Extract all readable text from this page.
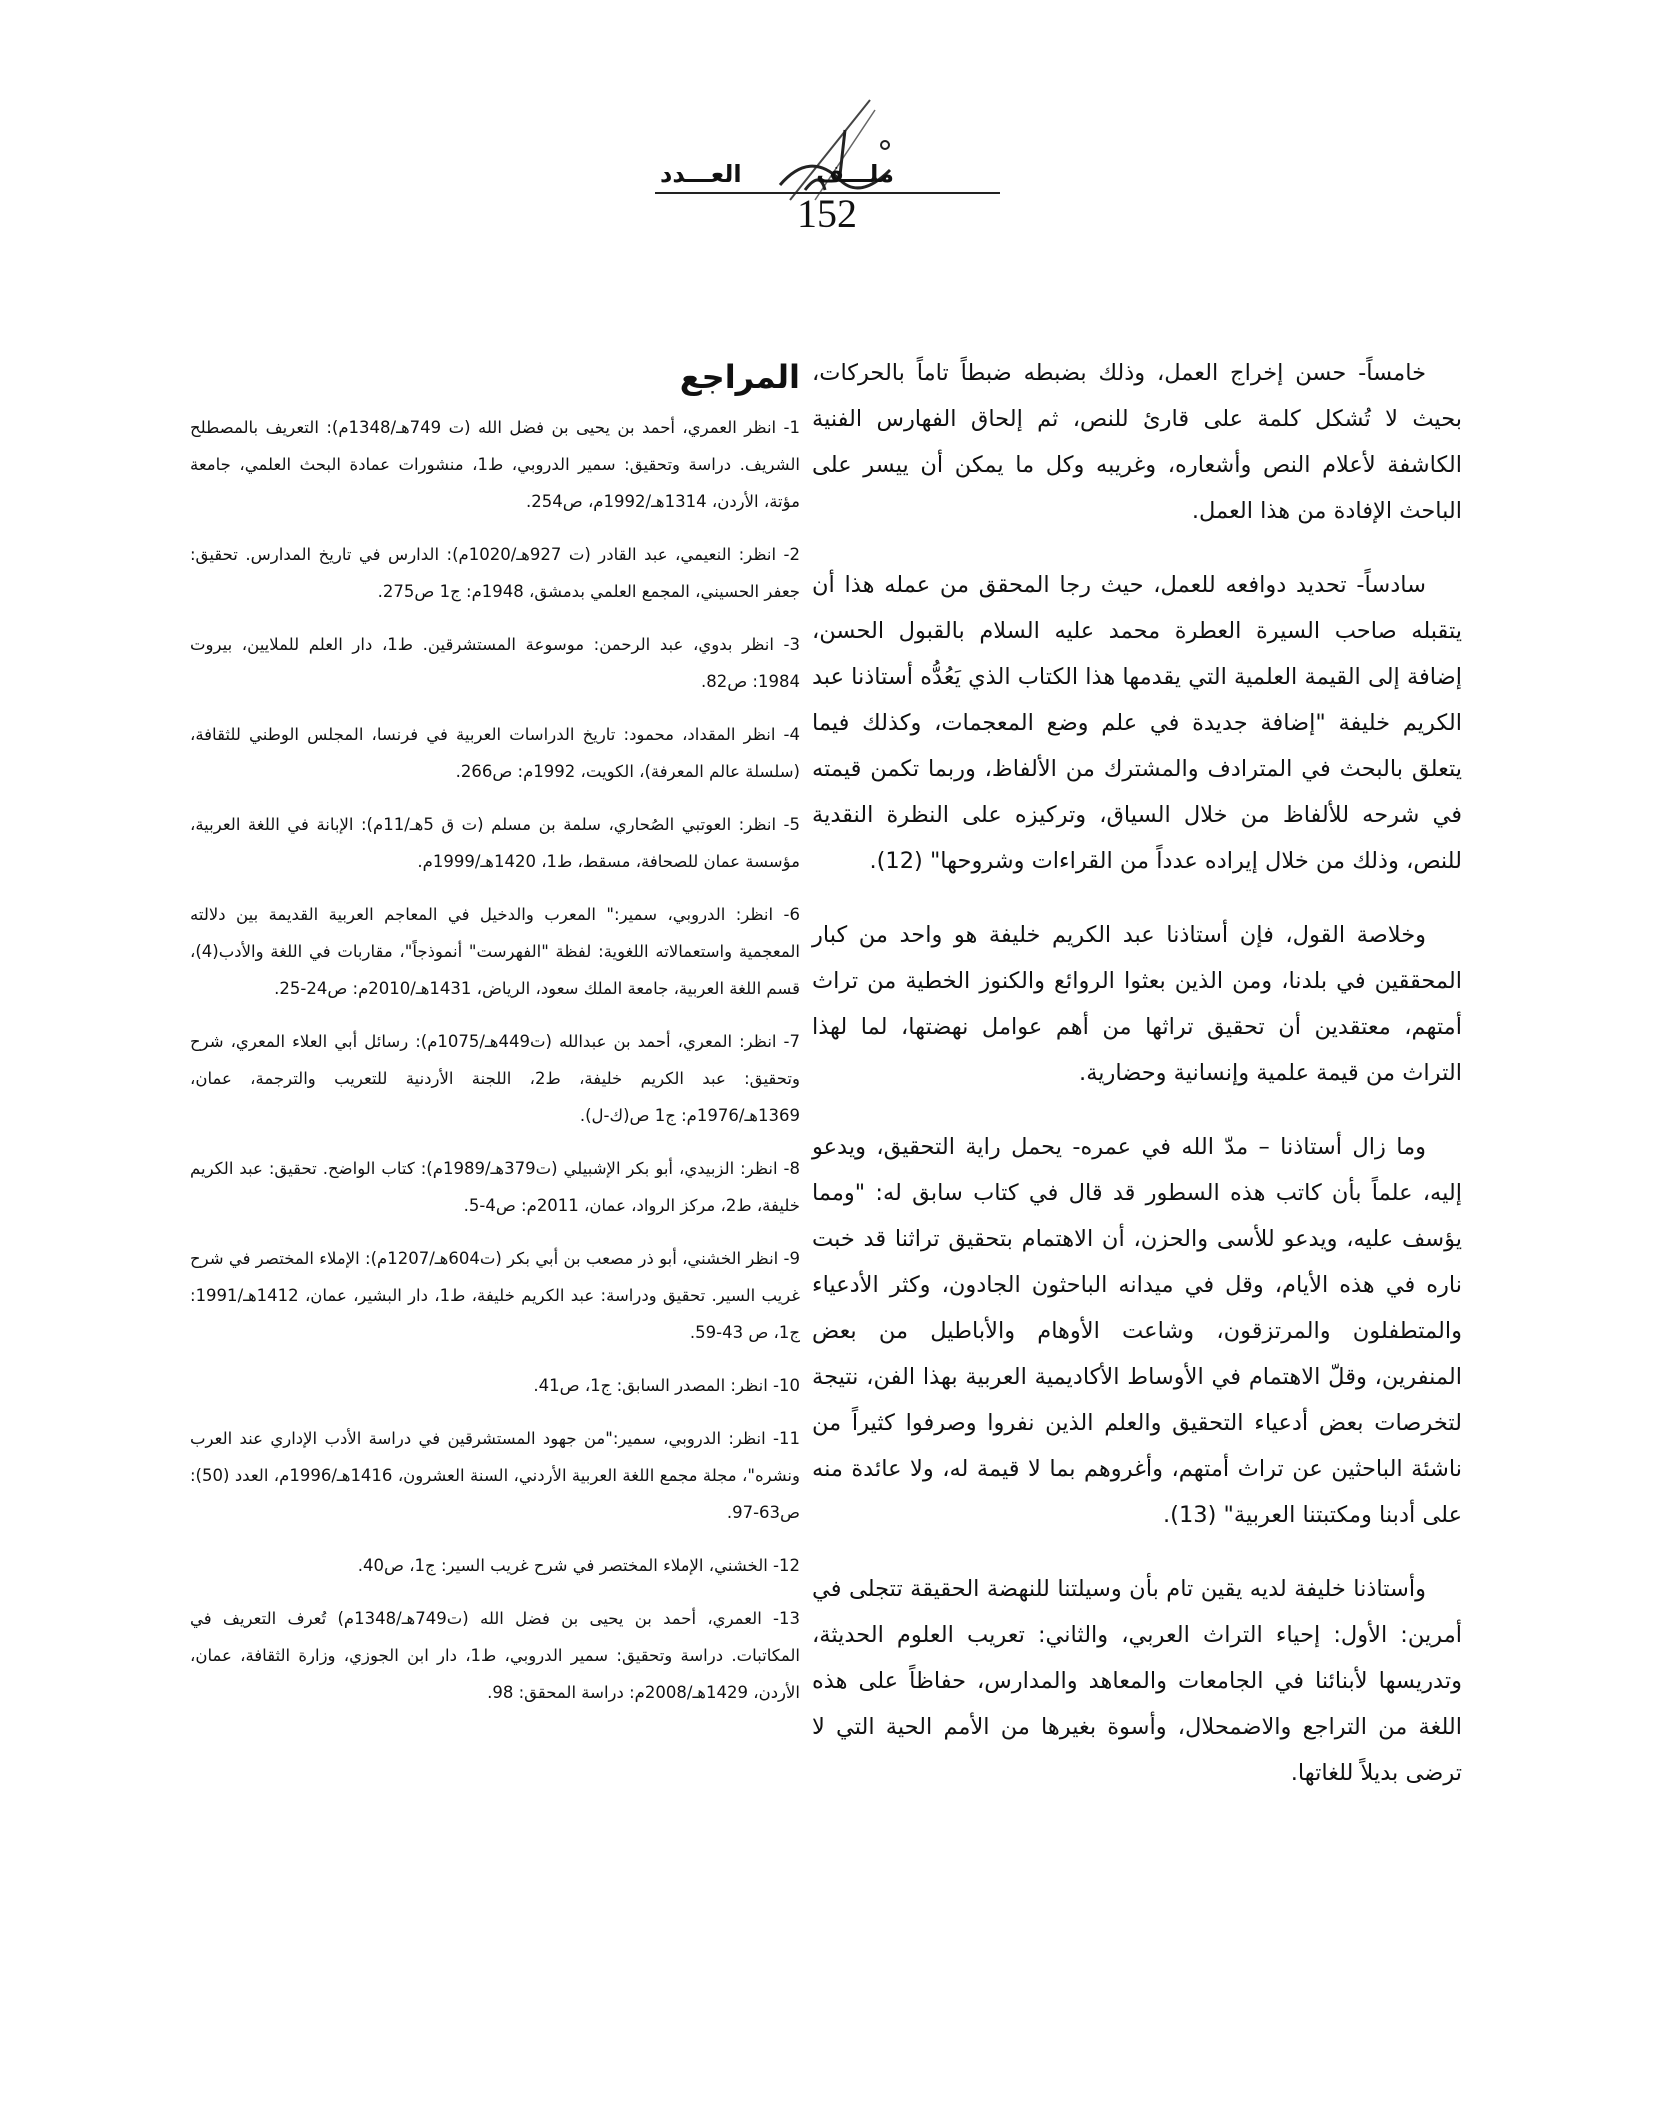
ملـــف
العـــدد
152

خامساً- حسن إخراج العمل، وذلك بضبطه ضبطاً تاماً بالحركات، بحيث لا تُشكل كلمة على قارئ للنص، ثم إلحاق الفهارس الفنية الكاشفة لأعلام النص وأشعاره، وغريبه وكل ما يمكن أن ييسر على الباحث الإفادة من هذا العمل.

سادساً- تحديد دوافعه للعمل، حيث رجا المحقق من عمله هذا أن يتقبله صاحب السيرة العطرة محمد عليه السلام بالقبول الحسن، إضافة إلى القيمة العلمية التي يقدمها هذا الكتاب الذي يَعُدُّه أستاذنا عبد الكريم خليفة "إضافة جديدة في علم وضع المعجمات، وكذلك فيما يتعلق بالبحث في المترادف والمشترك من الألفاظ، وربما تكمن قيمته في شرحه للألفاظ من خلال السياق، وتركيزه على النظرة النقدية للنص، وذلك من خلال إيراده عدداً من القراءات وشروحها" (12).

وخلاصة القول، فإن أستاذنا عبد الكريم خليفة هو واحد من كبار المحققين في بلدنا، ومن الذين بعثوا الروائع والكنوز الخطية من تراث أمتهم، معتقدين أن تحقيق تراثها من أهم عوامل نهضتها، لما لهذا التراث من قيمة علمية وإنسانية وحضارية.

وما زال أستاذنا – مدّ الله في عمره- يحمل راية التحقيق، ويدعو إليه، علماً بأن كاتب هذه السطور قد قال في كتاب سابق له: "ومما يؤسف عليه، ويدعو للأسى والحزن، أن الاهتمام بتحقيق تراثنا قد خبت ناره في هذه الأيام، وقل في ميدانه الباحثون الجادون، وكثر الأدعياء والمتطفلون والمرتزقون، وشاعت الأوهام والأباطيل من بعض المنفرين، وقلّ الاهتمام في الأوساط الأكاديمية العربية بهذا الفن، نتيجة لتخرصات بعض أدعياء التحقيق والعلم الذين نفروا وصرفوا كثيراً من ناشئة الباحثين عن تراث أمتهم، وأغروهم بما لا قيمة له، ولا عائدة منه على أدبنا ومكتبتنا العربية" (13).

وأستاذنا خليفة لديه يقين تام بأن وسيلتنا للنهضة الحقيقة تتجلى في أمرين: الأول: إحياء التراث العربي، والثاني: تعريب العلوم الحديثة، وتدريسها لأبنائنا في الجامعات والمعاهد والمدارس، حفاظاً على هذه اللغة من التراجع والاضمحلال، وأسوة بغيرها من الأمم الحية التي لا ترضى بديلاً للغاتها.

المراجع
1- انظر العمري، أحمد بن يحيى بن فضل الله (ت 749هـ/1348م): التعريف بالمصطلح الشريف. دراسة وتحقيق: سمير الدروبي، ط1، منشورات عمادة البحث العلمي، جامعة مؤتة، الأردن، 1314هـ/1992م، ص254.
2- انظر: النعيمي، عبد القادر (ت 927هـ/1020م): الدارس في تاريخ المدارس. تحقيق: جعفر الحسيني، المجمع العلمي بدمشق، 1948م: ج1 ص275.
3- انظر بدوي، عبد الرحمن: موسوعة المستشرقين. ط1، دار العلم للملايين، بيروت 1984: ص82.
4- انظر المقداد، محمود: تاريخ الدراسات العربية في فرنسا، المجلس الوطني للثقافة، (سلسلة عالم المعرفة)، الكويت، 1992م: ص266.
5- انظر: العوتبي الصُحاري، سلمة بن مسلم (ت ق 5هـ/11م): الإبانة في اللغة العربية، مؤسسة عمان للصحافة، مسقط، ط1، 1420هـ/1999م.
6- انظر: الدروبي، سمير:" المعرب والدخيل في المعاجم العربية القديمة بين دلالته المعجمية واستعمالاته اللغوية: لفظة "الفهرست" أنموذجاً"، مقاربات في اللغة والأدب(4)، قسم اللغة العربية، جامعة الملك سعود، الرياض، 1431هـ/2010م: ص24-25.
7- انظر: المعري، أحمد بن عبدالله (ت449هـ/1075م): رسائل أبي العلاء المعري، شرح وتحقيق: عبد الكريم خليفة، ط2، اللجنة الأردنية للتعريب والترجمة، عمان، 1369هـ/1976م: ج1 ص(ك-ل).
8- انظر: الزبيدي، أبو بكر الإشبيلي (ت379هـ/1989م): كتاب الواضح. تحقيق: عبد الكريم خليفة، ط2، مركز الرواد، عمان، 2011م: ص4-5.
9- انظر الخشني، أبو ذر مصعب بن أبي بكر (ت604هـ/1207م): الإملاء المختصر في شرح غريب السير. تحقيق ودراسة: عبد الكريم خليفة، ط1، دار البشير، عمان، 1412هـ/1991: ج1، ص 43-59.
10- انظر: المصدر السابق: ج1، ص41.
11- انظر: الدروبي، سمير:"من جهود المستشرقين في دراسة الأدب الإداري عند العرب ونشره"، مجلة مجمع اللغة العربية الأردني، السنة العشرون، 1416هـ/1996م، العدد (50): ص63-97.
12- الخشني، الإملاء المختصر في شرح غريب السير: ج1، ص40.
13- العمري، أحمد بن يحيى بن فضل الله (ت749هـ/1348م) تُعرف التعريف في المكاتبات. دراسة وتحقيق: سمير الدروبي، ط1، دار ابن الجوزي، وزارة الثقافة، عمان، الأردن، 1429هـ/2008م: دراسة المحقق: 98.
